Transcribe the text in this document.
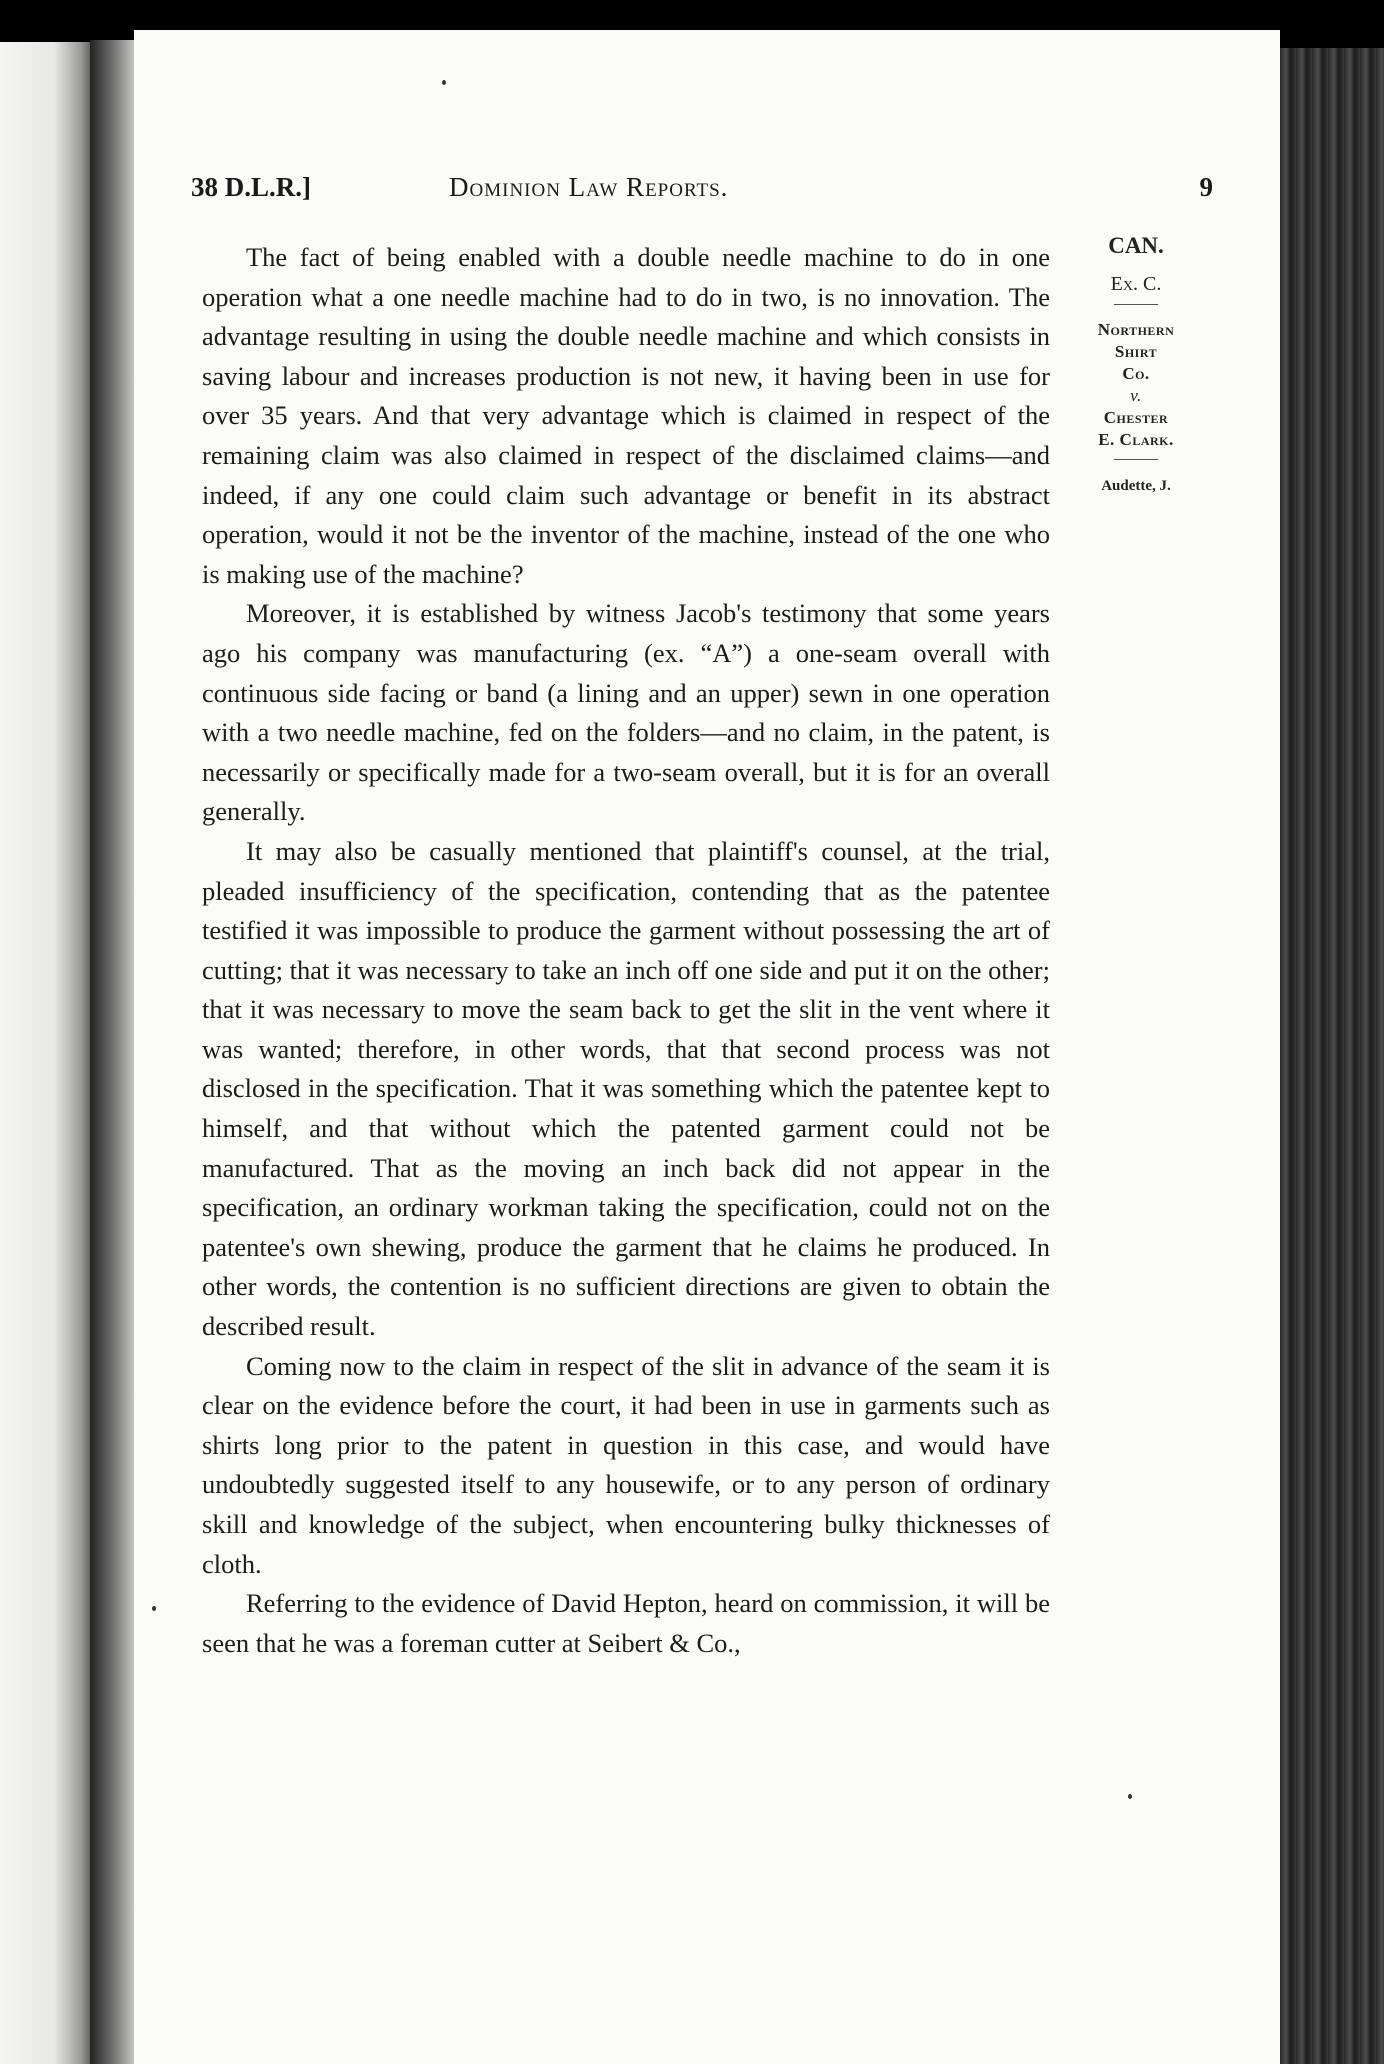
38 D.L.R.]	Dominion Law Reports.	9

The fact of being enabled with a double needle machine to do in one operation what a one needle machine had to do in two, is no innovation. The advantage resulting in using the double needle machine and which consists in saving labour and increases production is not new, it having been in use for over 35 years. And that very advantage which is claimed in respect of the remaining claim was also claimed in respect of the disclaimed claims—and indeed, if any one could claim such advantage or benefit in its abstract operation, would it not be the inventor of the machine, instead of the one who is making use of the machine?

Moreover, it is established by witness Jacob's testimony that some years ago his company was manufacturing (ex. “A”) a one-seam overall with continuous side facing or band (a lining and an upper) sewn in one operation with a two needle machine, fed on the folders—and no claim, in the patent, is necessarily or specifically made for a two-seam overall, but it is for an overall generally.

It may also be casually mentioned that plaintiff's counsel, at the trial, pleaded insufficiency of the specification, contending that as the patentee testified it was impossible to produce the garment without possessing the art of cutting; that it was necessary to take an inch off one side and put it on the other; that it was necessary to move the seam back to get the slit in the vent where it was wanted; therefore, in other words, that that second process was not disclosed in the specification. That it was something which the patentee kept to himself, and that without which the patented garment could not be manufactured. That as the moving an inch back did not appear in the specification, an ordinary workman taking the specification, could not on the patentee's own shewing, produce the garment that he claims he produced. In other words, the contention is no sufficient directions are given to obtain the described result.

Coming now to the claim in respect of the slit in advance of the seam it is clear on the evidence before the court, it had been in use in garments such as shirts long prior to the patent in question in this case, and would have undoubtedly suggested itself to any housewife, or to any person of ordinary skill and knowledge of the subject, when encountering bulky thicknesses of cloth.

Referring to the evidence of David Hepton, heard on commission, it will be seen that he was a foreman cutter at Seibert & Co.,

CAN.
Ex. C.
Northern
Shirt
Co.
v.
Chester
E. Clark.
Audette, J.
